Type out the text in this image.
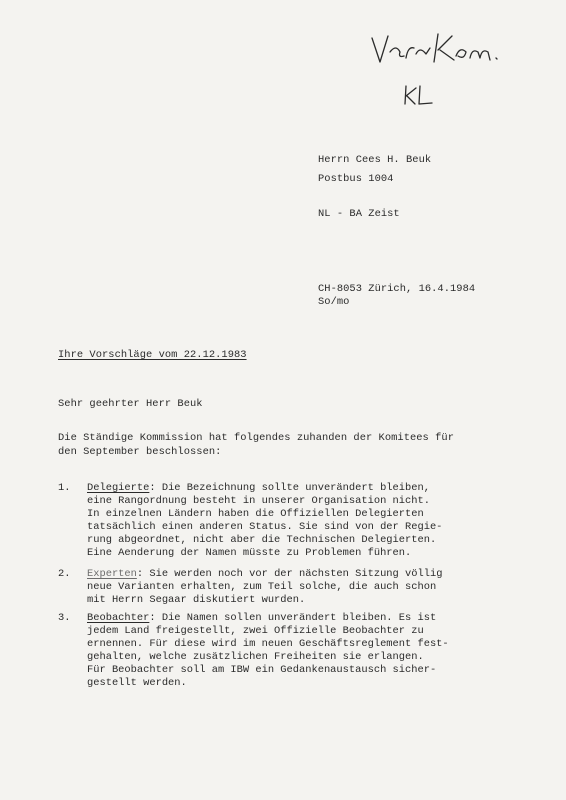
Herrn Cees H. Beuk
Postbus 1004
NL - BA Zeist
CH-8053 Zürich, 16.4.1984
So/mo
Ihre Vorschläge vom 22.12.1983
Sehr geehrter Herr Beuk
Die Ständige Kommission hat folgendes zuhanden der Komitees für
den September beschlossen:
1. Delegierte: Die Bezeichnung sollte unverändert bleiben,
eine Rangordnung besteht in unserer Organisation nicht.
In einzelnen Ländern haben die Offiziellen Delegierten
tatsächlich einen anderen Status. Sie sind von der Regie-
rung abgeordnet, nicht aber die Technischen Delegierten.
Eine Aenderung der Namen müsste zu Problemen führen.
2. Experten: Sie werden noch vor der nächsten Sitzung völlig
neue Varianten erhalten, zum Teil solche, die auch schon
mit Herrn Segaar diskutiert wurden.
3. Beobachter: Die Namen sollen unverändert bleiben. Es ist
jedem Land freigestellt, zwei Offizielle Beobachter zu
ernennen. Für diese wird im neuen Geschäftsreglement fest-
gehalten, welche zusätzlichen Freiheiten sie erlangen.
Für Beobachter soll am IBW ein Gedankenaustausch sicher-
gestellt werden.
